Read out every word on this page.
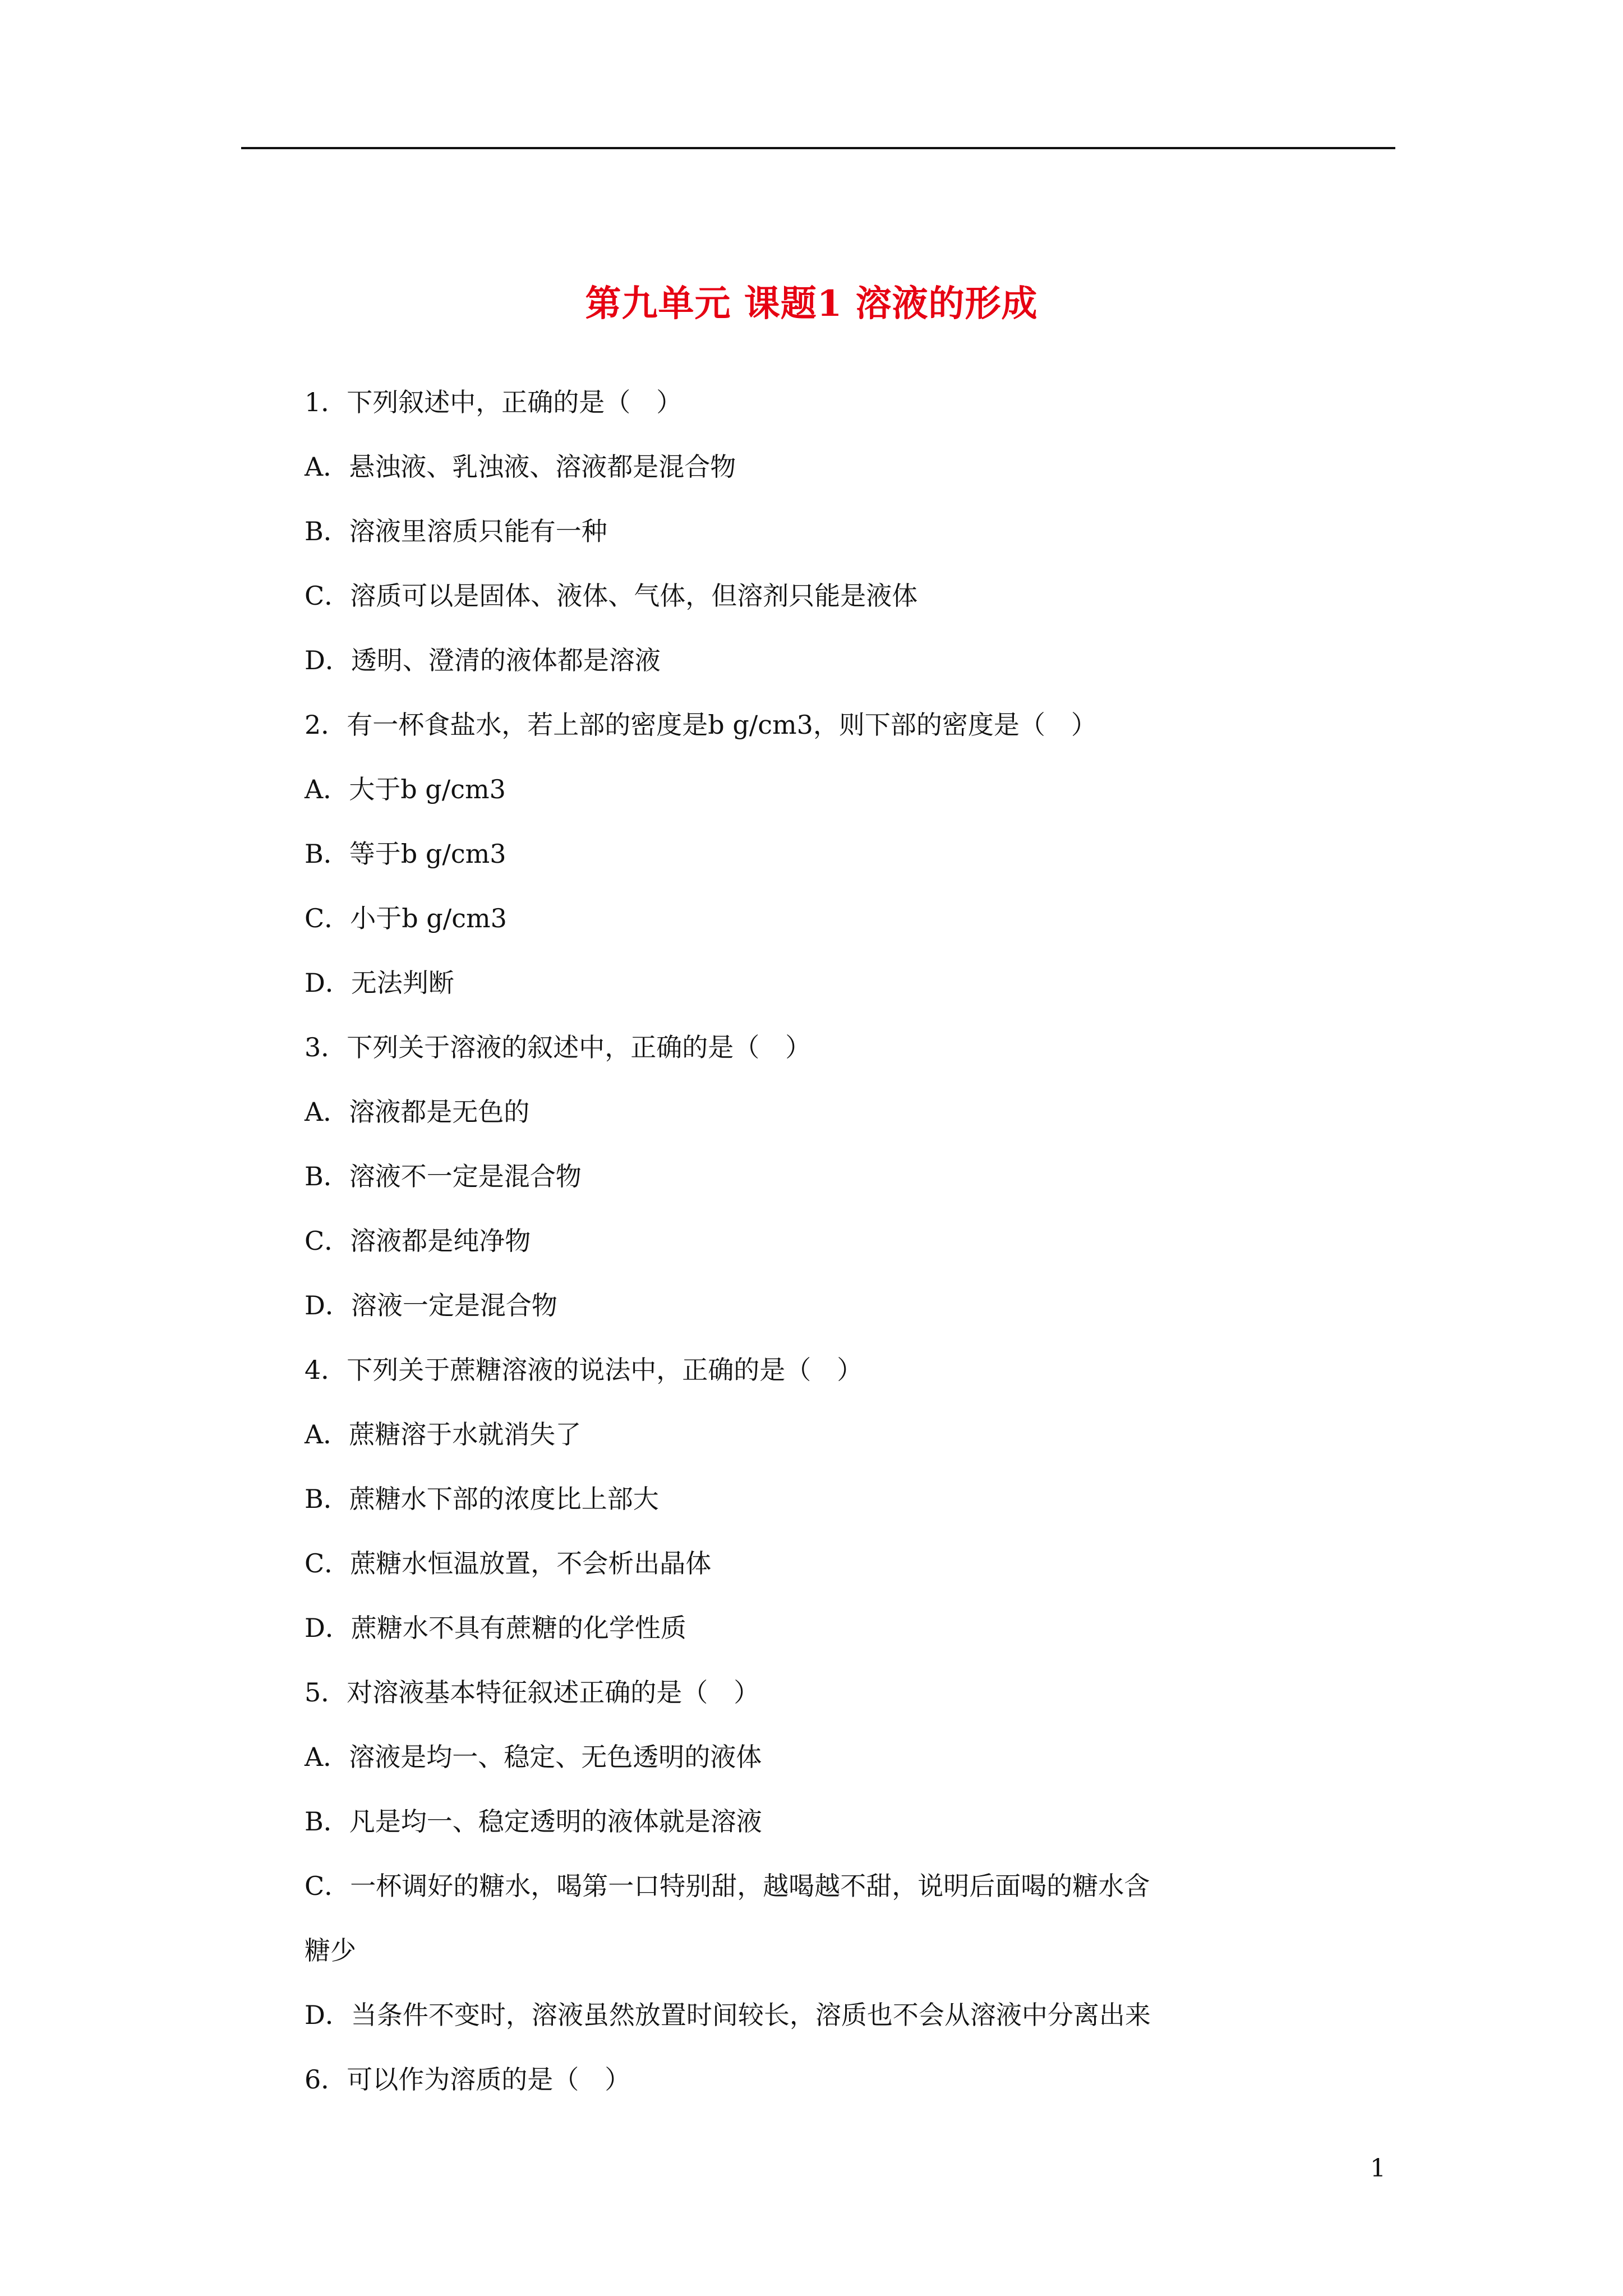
第九单元 课题1 溶液的形成
1．下列叙述中，正确的是（　）
A．悬浊液、乳浊液、溶液都是混合物
B．溶液里溶质只能有一种
C．溶质可以是固体、液体、气体，但溶剂只能是液体
D．透明、澄清的液体都是溶液
2．有一杯食盐水，若上部的密度是b g/cm3，则下部的密度是（　）
A．大于b g/cm3
B．等于b g/cm3
C．小于b g/cm3
D．无法判断
3．下列关于溶液的叙述中，正确的是（　）
A．溶液都是无色的
B．溶液不一定是混合物
C．溶液都是纯净物
D．溶液一定是混合物
4．下列关于蔗糖溶液的说法中，正确的是（　）
A．蔗糖溶于水就消失了
B．蔗糖水下部的浓度比上部大
C．蔗糖水恒温放置，不会析出晶体
D．蔗糖水不具有蔗糖的化学性质
5．对溶液基本特征叙述正确的是（　）
A．溶液是均一、稳定、无色透明的液体
B．凡是均一、稳定透明的液体就是溶液
C．一杯调好的糖水，喝第一口特别甜，越喝越不甜，说明后面喝的糖水含
糖少
D．当条件不变时，溶液虽然放置时间较长，溶质也不会从溶液中分离出来
6．可以作为溶质的是（　）
1
